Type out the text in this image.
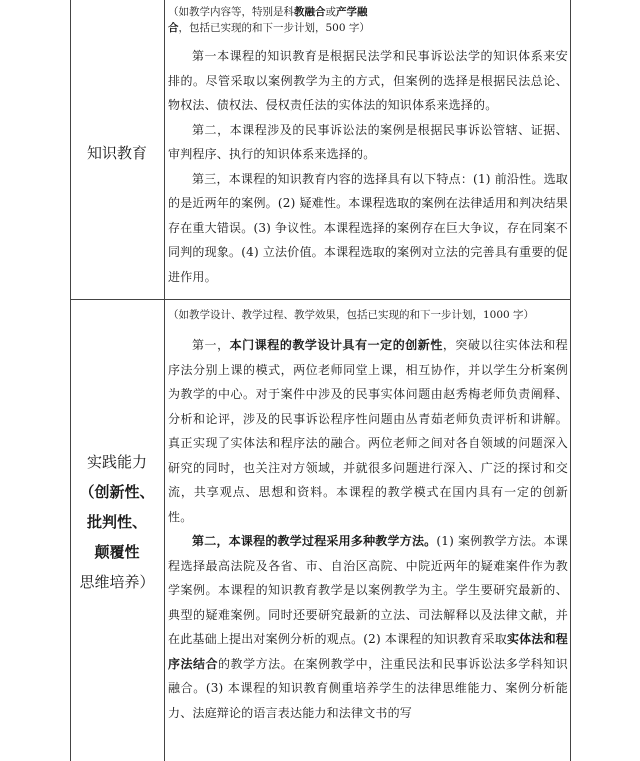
知识教育

（如教学内容等，特别是科教融合或产学融合，包括已实现的和下一步计划，500 字）

第一本课程的知识教育是根据民法学和民事诉讼法学的知识体系来安排的。尽管采取以案例教学为主的方式，但案例的选择是根据民法总论、物权法、债权法、侵权责任法的实体法的知识体系来选择的。

第二，本课程涉及的民事诉讼法的案例是根据民事诉讼管辖、证据、审判程序、执行的知识体系来选择的。

第三，本课程的知识教育内容的选择具有以下特点：(1) 前沿性。选取的是近两年的案例。(2) 疑难性。本课程选取的案例在法律适用和判决结果存在重大错误。(3) 争议性。本课程选择的案例存在巨大争议，存在同案不同判的现象。(4) 立法价值。本课程选取的案例对立法的完善具有重要的促进作用。

实践能力

（创新性、

批判性、

颠覆性

思维培养）

（如教学设计、教学过程、教学效果，包括已实现的和下一步计划，1000 字）

第一，本门课程的教学设计具有一定的创新性，突破以往实体法和程序法分别上课的模式，两位老师同堂上课，相互协作，并以学生分析案例为教学的中心。对于案件中涉及的民事实体问题由赵秀梅老师负责阐释、分析和论评，涉及的民事诉讼程序性问题由丛青茹老师负责评析和讲解。真正实现了实体法和程序法的融合。两位老师之间对各自领域的问题深入研究的同时，也关注对方领域，并就很多问题进行深入、广泛的探讨和交流，共享观点、思想和资料。本课程的教学模式在国内具有一定的创新性。

第二，本课程的教学过程采用多种教学方法。(1) 案例教学方法。本课程选择最高法院及各省、市、自治区高院、中院近两年的疑难案件作为教学案例。本课程的知识教育教学是以案例教学为主。学生要研究最新的、典型的疑难案例。同时还要研究最新的立法、司法解释以及法律文献，并在此基础上提出对案例分析的观点。(2) 本课程的知识教育采取实体法和程序法结合的教学方法。在案例教学中，注重民法和民事诉讼法多学科知识融合。(3) 本课程的知识教育侧重培养学生的法律思维能力、案例分析能力、法庭辩论的语言表达能力和法律文书的写
